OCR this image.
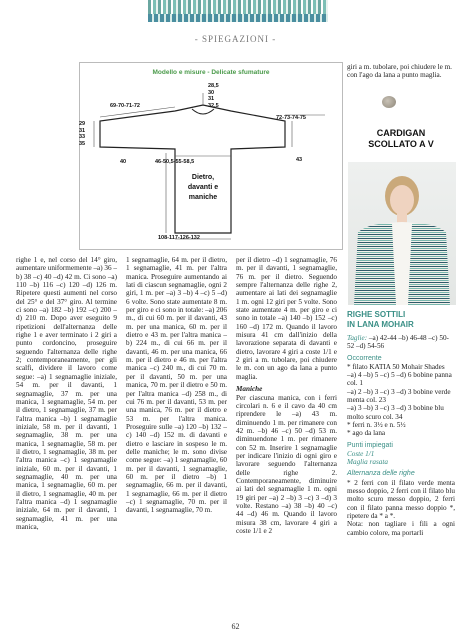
- SPIEGAZIONI -
Modello e misure - Delicate sfumature
28,5
30
31
32,5
69-70-71-72
29
31
33
35
72-73-74-75
43
40	46-50,5-55-58,5
Dietro,
davanti e
maniche
108-117-126-132

righe 1 e, nel corso del 14° giro, aumentare uniformemente –a) 36 –b) 38 –c) 40 –d) 42 m. Ci sono –a) 110 –b) 116 –c) 120 –d) 126 m. Ripetere questi aumenti nel corso del 25° e del 37° giro. Al termine ci sono –a) 182 –b) 192 –c) 200 –d) 210 m. Dopo aver eseguito 9 ripetizioni dell'alternanza delle righe 1 e aver terminato i 2 giri a punto cordoncino, proseguire seguendo l'alternanza delle righe 2; contemporaneamente, per gli scalfi, dividere il lavoro come segue: –a) 1 segnamaglie iniziale, 54 m. per il davanti, 1 segnamaglie, 37 m. per una manica, 1 segnamaglie, 54 m. per il dietro, 1 segnamaglie, 37 m. per l'altra manica –b) 1 segnamaglie iniziale, 58 m. per il davanti, 1 segnamaglie, 38 m. per una manica, 1 segnamaglie, 58 m. per il dietro, 1 segnamaglie, 38 m. per l'altra manica –c) 1 segnamaglie iniziale, 60 m. per il davanti, 1 segnamaglie, 40 m. per una manica, 1 segnamaglie, 60 m. per il dietro, 1 segnamaglie, 40 m. per l'altra manica –d) 1 segnamaglie iniziale, 64 m. per il davanti, 1 segnamaglie, 41 m. per una manica,

1 segnamaglie, 64 m. per il dietro, 1 segnamaglie, 41 m. per l'altra manica. Proseguire aumentando ai lati di ciascun segnamaglie, ogni 2 giri, 1 m. per –a) 3 –b) 4 –c) 5 –d) 6 volte. Sono state aumentate 8 m. per giro e ci sono in totale: –a) 206 m., di cui 60 m. per il davanti, 43 m. per una manica, 60 m. per il dietro e 43 m. per l'altra manica –b) 224 m., di cui 66 m. per il davanti, 46 m. per una manica, 66 m. per il dietro e 46 m. per l'altra manica –c) 240 m., di cui 70 m. per il davanti, 50 m. per una manica, 70 m. per il dietro e 50 m. per l'altra manica –d) 258 m., di cui 76 m. per il davanti, 53 m. per una manica, 76 m. per il dietro e 53 m. per l'altra manica. Proseguire sulle –a) 120 –b) 132 –c) 140 –d) 152 m. di davanti e dietro e lasciare in sospeso le m. delle maniche; le m. sono divise come segue: –a) 1 segnamaglie, 60 m. per il davanti, 1 segnamaglie, 60 m. per il dietro –b) 1 segnamaglie, 66 m. per il davanti, 1 segnamaglie, 66 m. per il dietro –c) 1 segnamaglie, 70 m. per il davanti, 1 segnamaglie, 70 m.

per il dietro –d) 1 segnamaglie, 76 m. per il davanti, 1 segnamaglie, 76 m. per il dietro. Seguendo sempre l'alternanza delle righe 2, aumentare ai lati dei segnamaglie 1 m. ogni 12 giri per 5 volte. Sono state aumentate 4 m. per giro e ci sono in totale –a) 140 –b) 152 –c) 160 –d) 172 m. Quando il lavoro misura 41 cm dall'inizio della lavorazione separata di davanti e dietro, lavorare 4 giri a coste 1/1 e 2 giri a m. tubolare, poi chiudere le m. con un ago da lana a punto maglia.

Maniche

Per ciascuna manica, con i ferri circolari n. 6 e il cavo da 40 cm riprendere le –a) 43 m. diminuendo 1 m. per rimanere con 42 m. –b) 46 –c) 50 –d) 53 m. diminuendone 1 m. per rimanere con 52 m. Inserire 1 segnamaglie per indicare l'inizio di ogni giro e lavorare seguendo l'alternanza delle righe 2. Contemporaneamente, diminuire ai lati del segnamaglie 1 m. ogni 19 giri per –a) 2 –b) 3 –c) 3 –d) 3 volte. Restano –a) 38 –b) 40 –c) 44 –d) 46 m. Quando il lavoro misura 38 cm, lavorare 4 giri a coste 1/1 e 2

giri a m. tubolare, poi chiudere le m. con l'ago da lana a punto maglia.
CARDIGAN
SCOLLATO A V
RIGHE SOTTILI
IN LANA MOHAIR

Taglie: –a) 42-44 –b) 46-48 –c) 50-52 –d) 54-56

Occorrente

* filato KATIA 50 Mohair Shades

–a) 4 –b) 5 –c) 5 –d) 6 bobine panna col. 1

–a) 2 –b) 3 –c) 3 –d) 3 bobine verde menta col. 23

–a) 3 –b) 3 –c) 3 –d) 3 bobine blu molto scuro col. 34

* ferri n. 3½ e n. 5½

* ago da lana

Punti impiegati

Coste 1/1

Maglia rasata

Alternanza delle righe

* 2 ferri con il filato verde menta messo doppio, 2 ferri con il filato blu molto scuro messo doppio, 2 ferri con il filato panna messo doppio *, ripetere da * a *.

Nota: non tagliare i fili a ogni cambio colore, ma portarli

62
